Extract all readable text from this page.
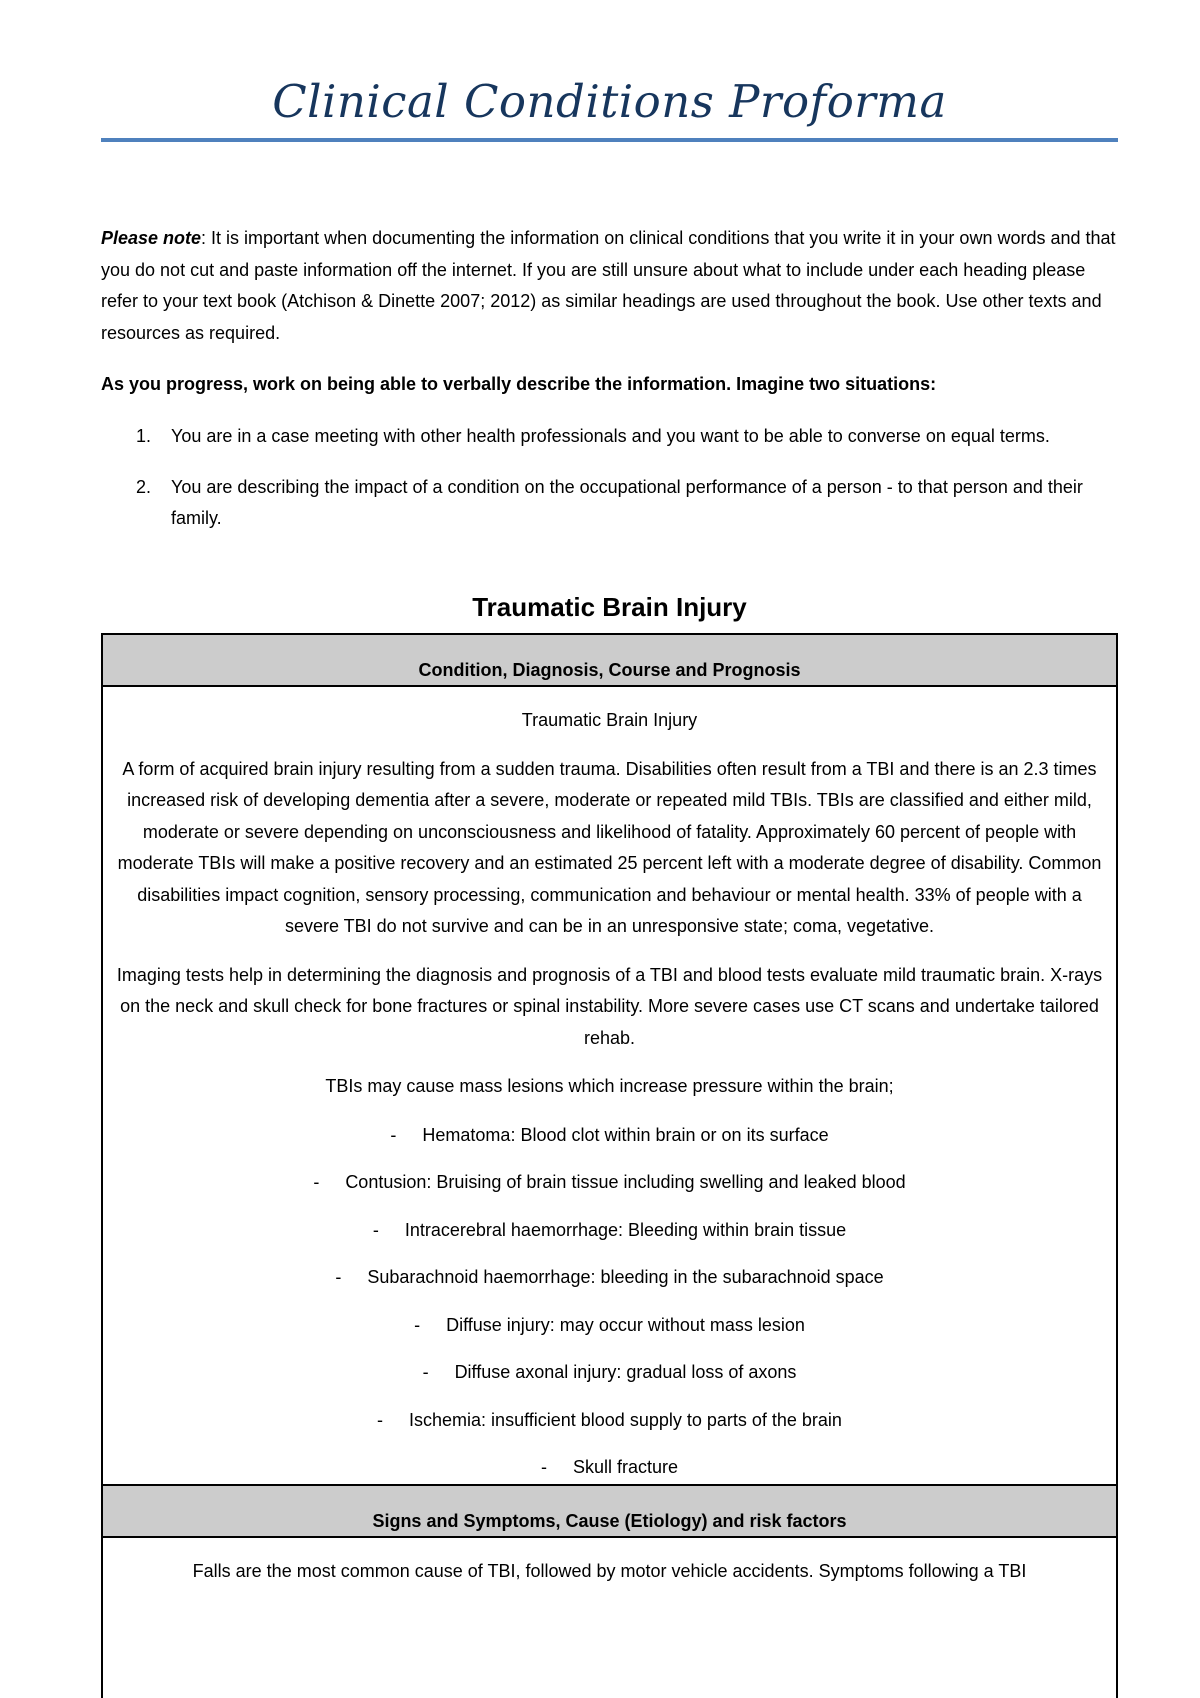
Clinical Conditions Proforma
Please note: It is important when documenting the information on clinical conditions that you write it in your own words and that you do not cut and paste information off the internet. If you are still unsure about what to include under each heading please refer to your text book (Atchison & Dinette 2007; 2012) as similar headings are used throughout the book. Use other texts and resources as required.
As you progress, work on being able to verbally describe the information. Imagine two situations:
1. You are in a case meeting with other health professionals and you want to be able to converse on equal terms.
2. You are describing the impact of a condition on the occupational performance of a person - to that person and their family.
Traumatic Brain Injury
Condition, Diagnosis, Course and Prognosis

Traumatic Brain Injury

A form of acquired brain injury resulting from a sudden trauma. Disabilities often result from a TBI and there is an 2.3 times increased risk of developing dementia after a severe, moderate or repeated mild TBIs. TBIs are classified and either mild, moderate or severe depending on unconsciousness and likelihood of fatality. Approximately 60 percent of people with moderate TBIs will make a positive recovery and an estimated 25 percent left with a moderate degree of disability. Common disabilities impact cognition, sensory processing, communication and behaviour or mental health. 33% of people with a severe TBI do not survive and can be in an unresponsive state; coma, vegetative.

Imaging tests help in determining the diagnosis and prognosis of a TBI and blood tests evaluate mild traumatic brain. X-rays on the neck and skull check for bone fractures or spinal instability. More severe cases use CT scans and undertake tailored rehab.

TBIs may cause mass lesions which increase pressure within the brain;

- Hematoma: Blood clot within brain or on its surface

- Contusion: Bruising of brain tissue including swelling and leaked blood

- Intracerebral haemorrhage: Bleeding within brain tissue

- Subarachnoid haemorrhage: bleeding in the subarachnoid space

- Diffuse injury: may occur without mass lesion

- Diffuse axonal injury: gradual loss of axons

- Ischemia: insufficient blood supply to parts of the brain

- Skull fracture

Signs and Symptoms, Cause (Etiology) and risk factors

Falls are the most common cause of TBI, followed by motor vehicle accidents. Symptoms following a TBI
